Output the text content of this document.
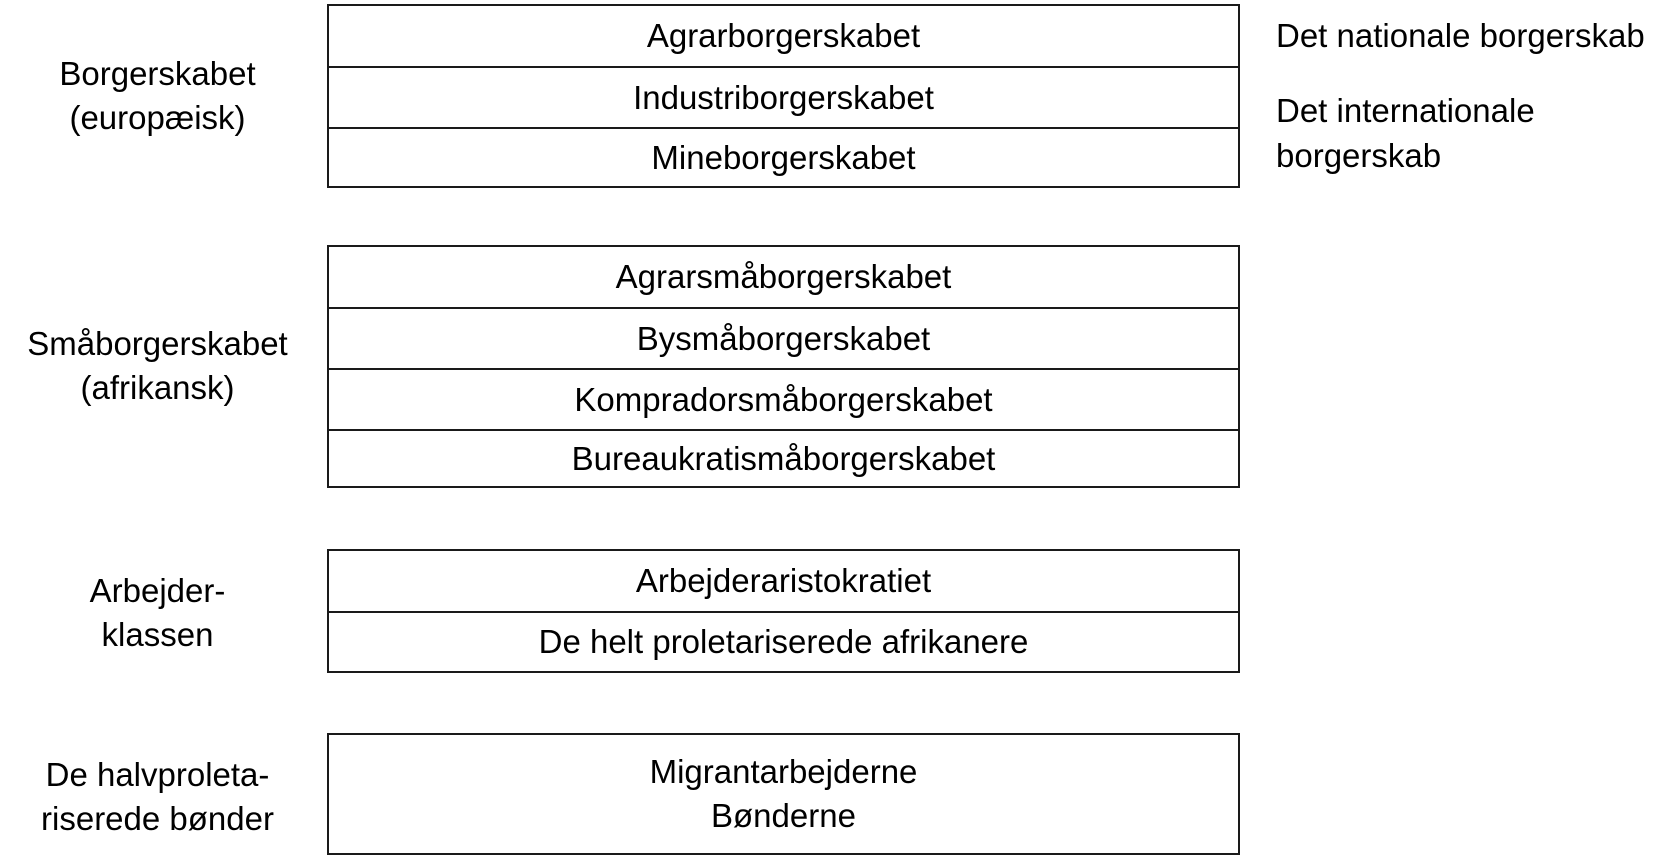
Borgerskabet
(europæisk)
Agrarborgerskabet
Industriborgerskabet
Mineborgerskabet
Det nationale borgerskab
Det internationale
borgerskab
Småborgerskabet
(afrikansk)
Agrarsmåborgerskabet
Bysmåborgerskabet
Kompradorsmåborgerskabet
Bureaukratismåborgerskabet
Arbejder-
klassen
Arbejderaristokratiet
De helt proletariserede afrikanere
De halvproleta-
riserede bønder
Migrantarbejderne
Bønderne
